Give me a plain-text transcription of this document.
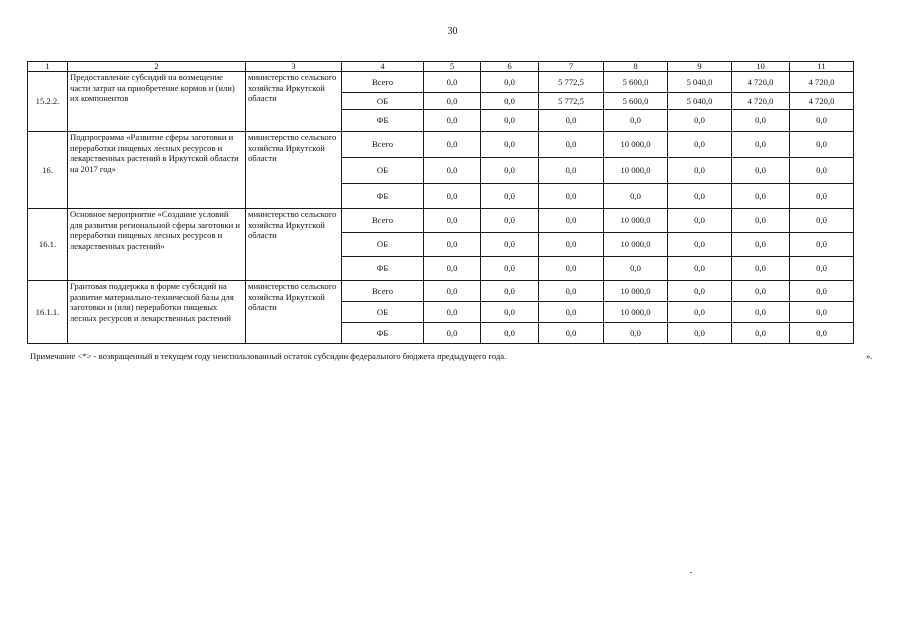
30
1	2	3	4	5	6	7	8	9	10	11
15.2.2.	Предоставление субсидий на возмещение части затрат на приобретение кормов и (или) их компонентов	министерство сельского хозяйства Иркутской области	Всего	0,0	0,0	5 772,5	5 600,0	5 040,0	4 720,0	4 720,0
			ОБ	0,0	0,0	5 772,5	5 600,0	5 040,0	4 720,0	4 720,0
			ФБ	0,0	0,0	0,0	0,0	0,0	0,0	0,0
16.	Подпрограмма «Развитие сферы заготовки и переработки пищевых лесных ресурсов и лекарственных растений в Иркутской области на 2017 год»	министерство сельского хозяйства Иркутской области	Всего	0,0	0,0	0,0	10 000,0	0,0	0,0	0,0
			ОБ	0,0	0,0	0,0	10 000,0	0,0	0,0	0,0
			ФБ	0,0	0,0	0,0	0,0	0,0	0,0	0,0
16.1.	Основное мероприятие «Создание условий для развития региональной сферы заготовки и переработки пищевых лесных ресурсов и лекарственных растений»	министерство сельского хозяйства Иркутской области	Всего	0,0	0,0	0,0	10 000,0	0,0	0,0	0,0
			ОБ	0,0	0,0	0,0	10 000,0	0,0	0,0	0,0
			ФБ	0,0	0,0	0,0	0,0	0,0	0,0	0,0
16.1.1.	Грантовая поддержка в форме субсидий на развитие материально-технической базы для заготовки и (или) переработки пищевых лесных ресурсов и лекарственных растений	министерство сельского хозяйства Иркутской области	Всего	0,0	0,0	0,0	10 000,0	0,0	0,0	0,0
			ОБ	0,0	0,0	0,0	10 000,0	0,0	0,0	0,0
			ФБ	0,0	0,0	0,0	0,0	0,0	0,0	0,0
Примечание <*> - возвращенный в текущем году неиспользованный остаток субсидии федерального бюджета предыдущего года.	».
